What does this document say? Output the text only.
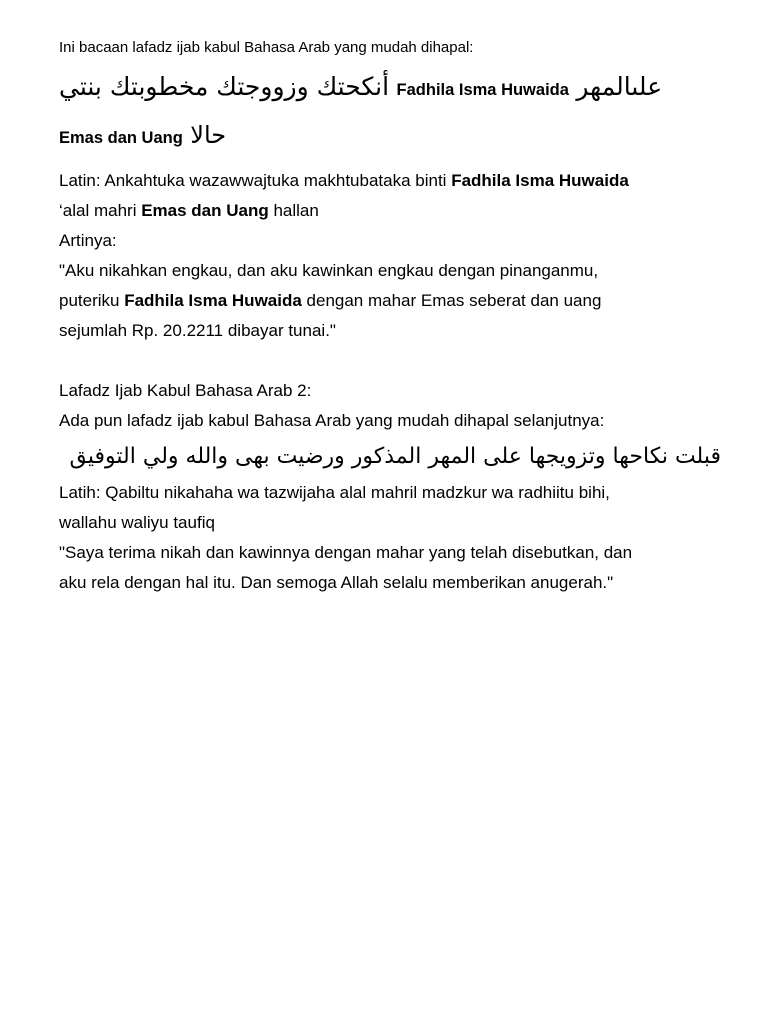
Ini bacaan lafadz ijab kabul Bahasa Arab yang mudah dihapal:

أنكحتك وزووجتك مخطوبتك بنتي Fadhila Isma Huwaida علىالمهر
Emas dan Uang حالا

Latin: Ankahtuka wazawwajtuka makhtubataka binti Fadhila Isma Huwaida
‘alal mahri Emas dan Uang hallan

Artinya:

"Aku nikahkan engkau, dan aku kawinkan engkau dengan pinanganmu,
puteriku Fadhila Isma Huwaida dengan mahar Emas seberat dan uang
sejumlah Rp. 20.2211 dibayar tunai."

Lafadz Ijab Kabul Bahasa Arab 2:

Ada pun lafadz ijab kabul Bahasa Arab yang mudah dihapal selanjutnya:

قبلت نكاحها وتزويجها على المهر المذكور ورضيت بهى والله ولي التوفيق

Latih: Qabiltu nikahaha wa tazwijaha alal mahril madzkur wa radhiitu bihi,
wallahu waliyu taufiq

"Saya terima nikah dan kawinnya dengan mahar yang telah disebutkan, dan
aku rela dengan hal itu. Dan semoga Allah selalu memberikan anugerah."
